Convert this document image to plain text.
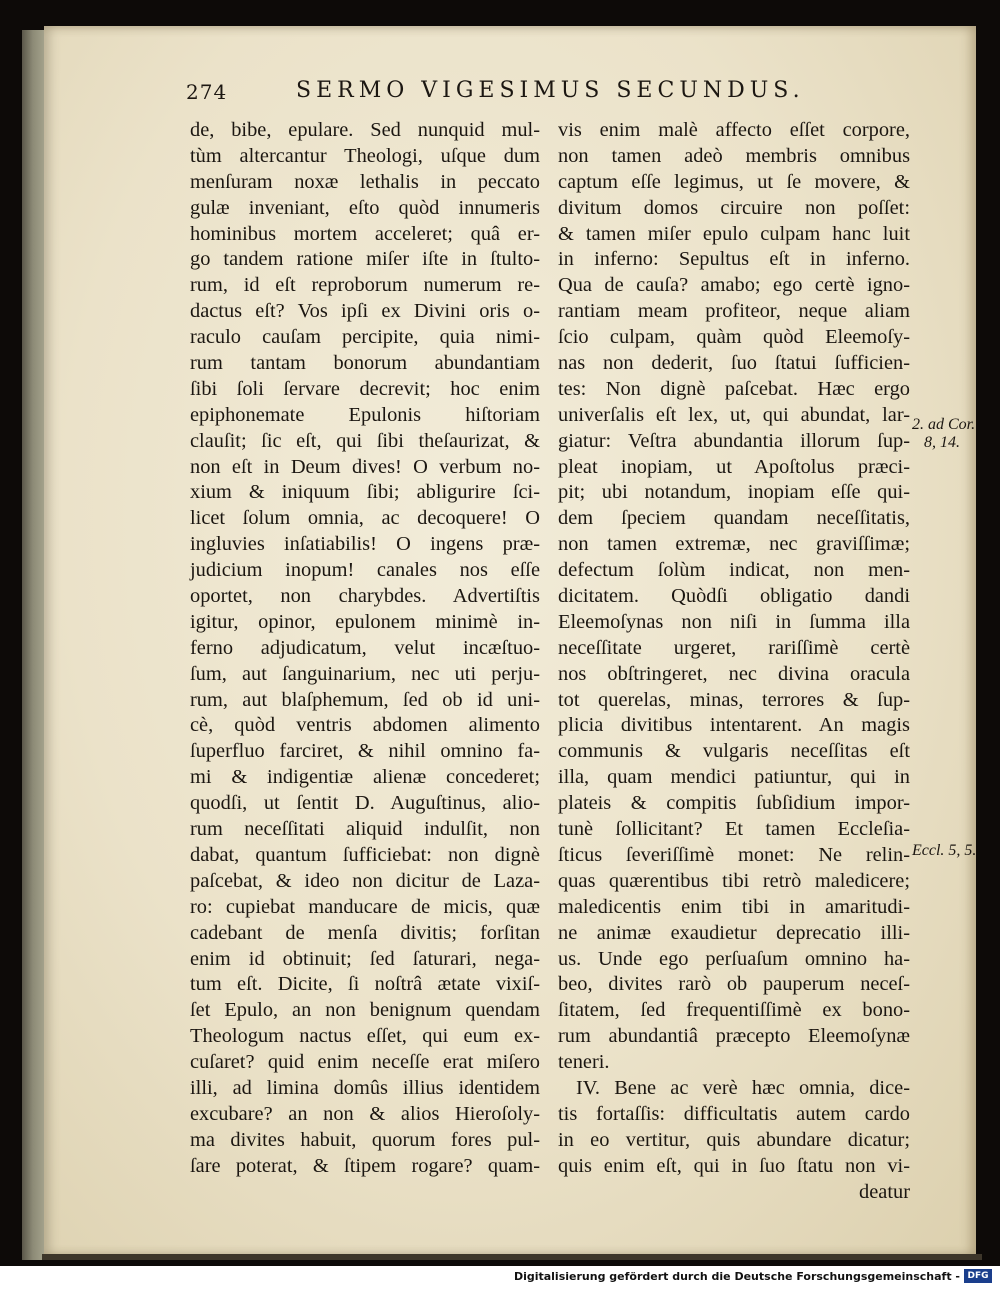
274	SERMO VIGESIMUS SECUNDUS.
de, bibe, epulare. Sed nunquid mul-
tùm altercantur Theologi, uſque dum
menſuram noxæ lethalis in peccato
gulæ inveniant, eſto quòd innumeris
hominibus mortem acceleret; quâ er-
go tandem ratione miſer iſte in ſtulto-
rum, id eſt reproborum numerum re-
dactus eſt? Vos ipſi ex Divini oris o-
raculo cauſam percipite, quia nimi-
rum tantam bonorum abundantiam
ſibi ſoli ſervare decrevit; hoc enim
epiphonemate Epulonis hiſtoriam
clauſit; ſic eſt, qui ſibi theſaurizat, &
non eſt in Deum dives! O verbum no-
xium & iniquum ſibi; abligurire ſci-
licet ſolum omnia, ac decoquere! O
ingluvies inſatiabilis! O ingens præ-
judicium inopum! canales nos eſſe
oportet, non charybdes. Advertiſtis
igitur, opinor, epulonem minimè in-
ferno adjudicatum, velut incæſtuo-
ſum, aut ſanguinarium, nec uti perju-
rum, aut blaſphemum, ſed ob id uni-
cè, quòd ventris abdomen alimento
ſuperfluo farciret, & nihil omnino fa-
mi & indigentiæ alienæ concederet;
quodſi, ut ſentit D. Auguſtinus, alio-
rum neceſſitati aliquid indulſit, non
dabat, quantum ſufficiebat: non dignè
paſcebat, & ideo non dicitur de Laza-
ro: cupiebat manducare de micis, quæ
cadebant de menſa divitis; forſitan
enim id obtinuit; ſed ſaturari, nega-
tum eſt. Dicite, ſi noſtrâ ætate vixiſ-
ſet Epulo, an non benignum quendam
Theologum nactus eſſet, qui eum ex-
cuſaret? quid enim neceſſe erat miſero
illi, ad limina domûs illius identidem
excubare? an non & alios Hieroſoly-
ma divites habuit, quorum fores pul-
ſare poterat, & ſtipem rogare? quam-
vis enim malè affecto eſſet corpore,
non tamen adeò membris omnibus
captum eſſe legimus, ut ſe movere, &
divitum domos circuire non poſſet:
& tamen miſer epulo culpam hanc luit
in inferno: Sepultus eſt in inferno.
Qua de cauſa? amabo; ego certè igno-
rantiam meam profiteor, neque aliam
ſcio culpam, quàm quòd Eleemoſy-
nas non dederit, ſuo ſtatui ſufficien-
tes: Non dignè paſcebat. Hæc ergo
univerſalis eſt lex, ut, qui abundat, lar-
giatur: Veſtra abundantia illorum ſup-
pleat inopiam, ut Apoſtolus præci-
pit; ubi notandum, inopiam eſſe qui-
dem ſpeciem quandam neceſſitatis,
non tamen extremæ, nec graviſſimæ;
defectum ſolùm indicat, non men-
dicitatem. Quòdſi obligatio dandi
Eleemoſynas non niſi in ſumma illa
neceſſitate urgeret, rariſſimè certè
nos obſtringeret, nec divina oracula
tot querelas, minas, terrores & ſup-
plicia divitibus intentarent. An magis
communis & vulgaris neceſſitas eſt
illa, quam mendici patiuntur, qui in
plateis & compitis ſubſidium impor-
tunè ſollicitant? Et tamen Eccleſia-
ſticus ſeveriſſimè monet: Ne relin-
quas quærentibus tibi retrò maledicere;
maledicentis enim tibi in amaritudi-
ne animæ exaudietur deprecatio illi-
us. Unde ego perſuaſum omnino ha-
beo, divites rarò ob pauperum neceſ-
ſitatem, ſed frequentiſſimè ex bono-
rum abundantiâ præcepto Eleemoſynæ
teneri.
IV. Bene ac verè hæc omnia, dice-
tis fortaſſis: difficultatis autem cardo
in eo vertitur, quis abundare dicatur;
quis enim eſt, qui in ſuo ſtatu non vi-
deatur
2. ad Cor.
8, 14.
Eccl. 5, 5.
Digitalisierung gefördert durch die Deutsche Forschungsgemeinschaft - DFG
